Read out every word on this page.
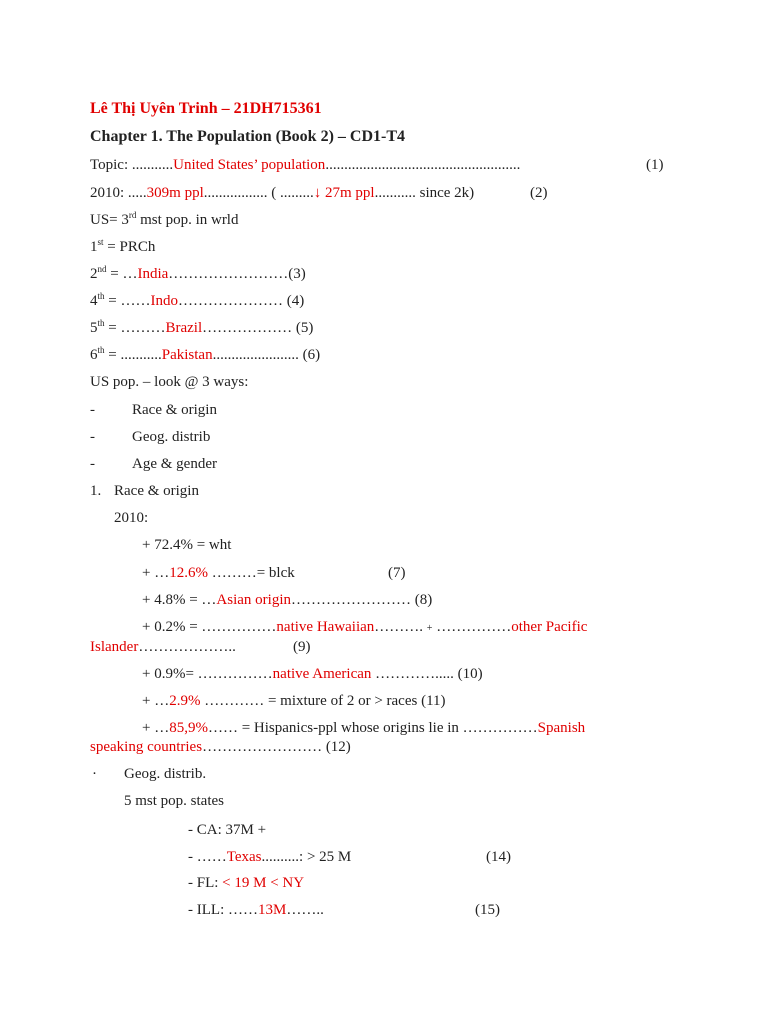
Lê Thị Uyên Trinh – 21DH715361
Chapter 1. The Population (Book 2) – CD1-T4
Topic: ...........United States’ population....................................................	(1)
2010: .....309m ppl................. ( .........↓ 27m ppl........... since 2k)	(2)
US= 3rd mst pop. in wrld
1st = PRCh
2nd = …India……………………(3)
4th = ……Indo………………… (4)
5th = ………Brazil……………… (5)
6th = ...........Pakistan....................... (6)
US pop. – look @ 3 ways:
- Race & origin
- Geog. distrib
- Age & gender
1. Race & origin
2010:
+ 72.4% = wht
+ …12.6% ………= blck	(7)
+ 4.8% = …Asian origin…………………… (8)
+ 0.2% = ……………native Hawaiian………. + ……………other Pacific
Islander………………..	(9)
+ 0.9%= ……………native American …………..... (10)
+ …2.9% ………… = mixture of 2 or > races (11)
+ …85,9%…… = Hispanics-ppl whose origins lie in ……………Spanish
speaking countries…………………… (12)
· Geog. distrib.
5 mst pop. states
- CA: 37M +
- ……Texas..........: > 25 M	(14)
- FL: < 19 M < NY
- ILL: ……13M……..	(15)
